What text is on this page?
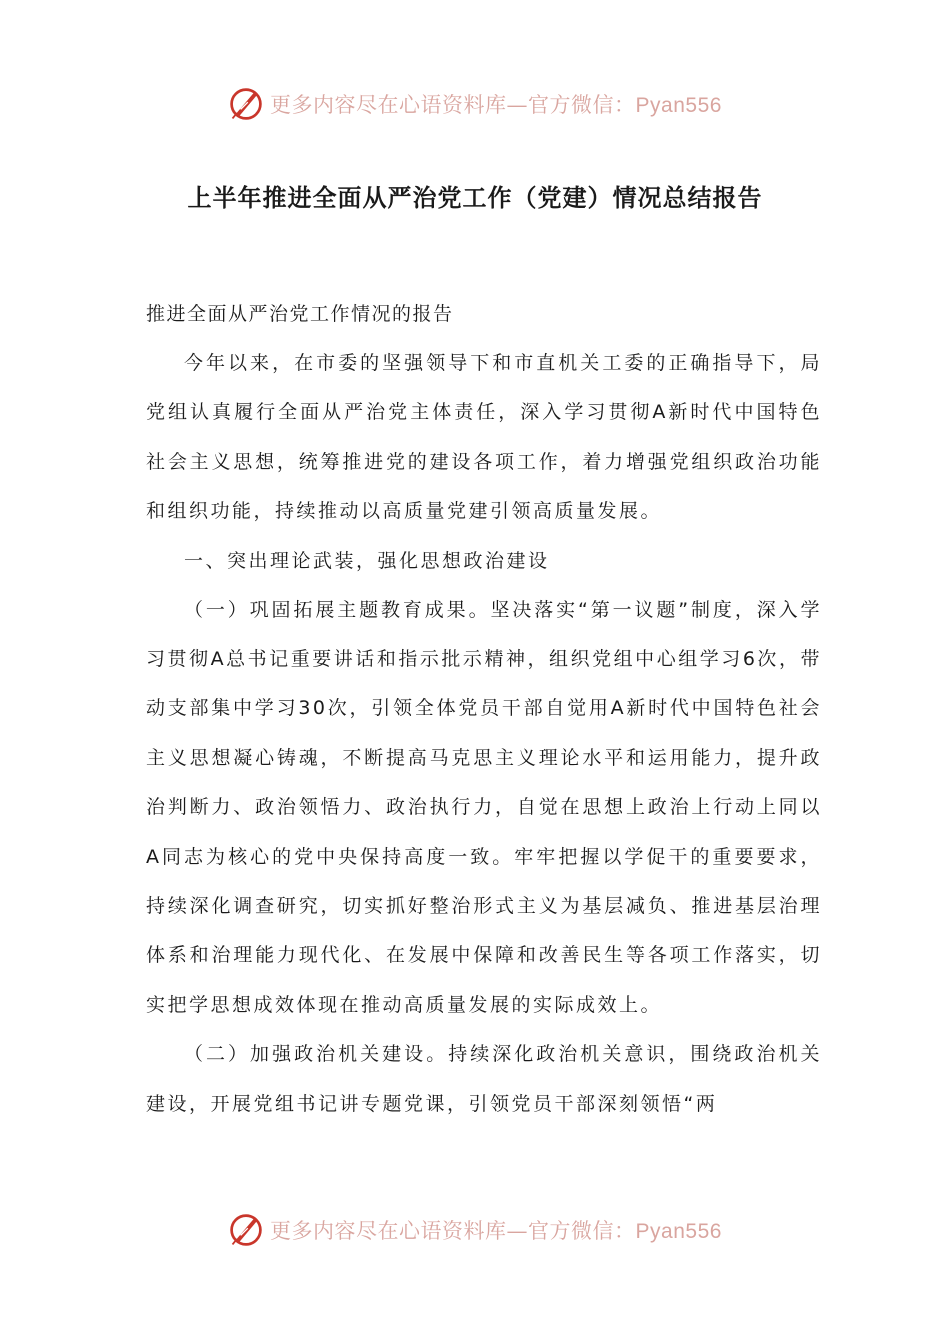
更多内容尽在心语资料库—官方微信：Pyan556
上半年推进全面从严治党工作（党建）情况总结报告

推进全面从严治党工作情况的报告

今年以来，在市委的坚强领导下和市直机关工委的正确指导下，局党组认真履行全面从严治党主体责任，深入学习贯彻A新时代中国特色社会主义思想，统筹推进党的建设各项工作，着力增强党组织政治功能和组织功能，持续推动以高质量党建引领高质量发展。

一、突出理论武装，强化思想政治建设

（一）巩固拓展主题教育成果。坚决落实“第一议题”制度，深入学习贯彻A总书记重要讲话和指示批示精神，组织党组中心组学习6次，带动支部集中学习30次，引领全体党员干部自觉用A新时代中国特色社会主义思想凝心铸魂，不断提高马克思主义理论水平和运用能力，提升政治判断力、政治领悟力、政治执行力，自觉在思想上政治上行动上同以A同志为核心的党中央保持高度一致。牢牢把握以学促干的重要要求，持续深化调查研究，切实抓好整治形式主义为基层减负、推进基层治理体系和治理能力现代化、在发展中保障和改善民生等各项工作落实，切实把学思想成效体现在推动高质量发展的实际成效上。

（二）加强政治机关建设。持续深化政治机关意识，围绕政治机关建设，开展党组书记讲专题党课，引领党员干部深刻领悟“两

更多内容尽在心语资料库—官方微信：Pyan556
